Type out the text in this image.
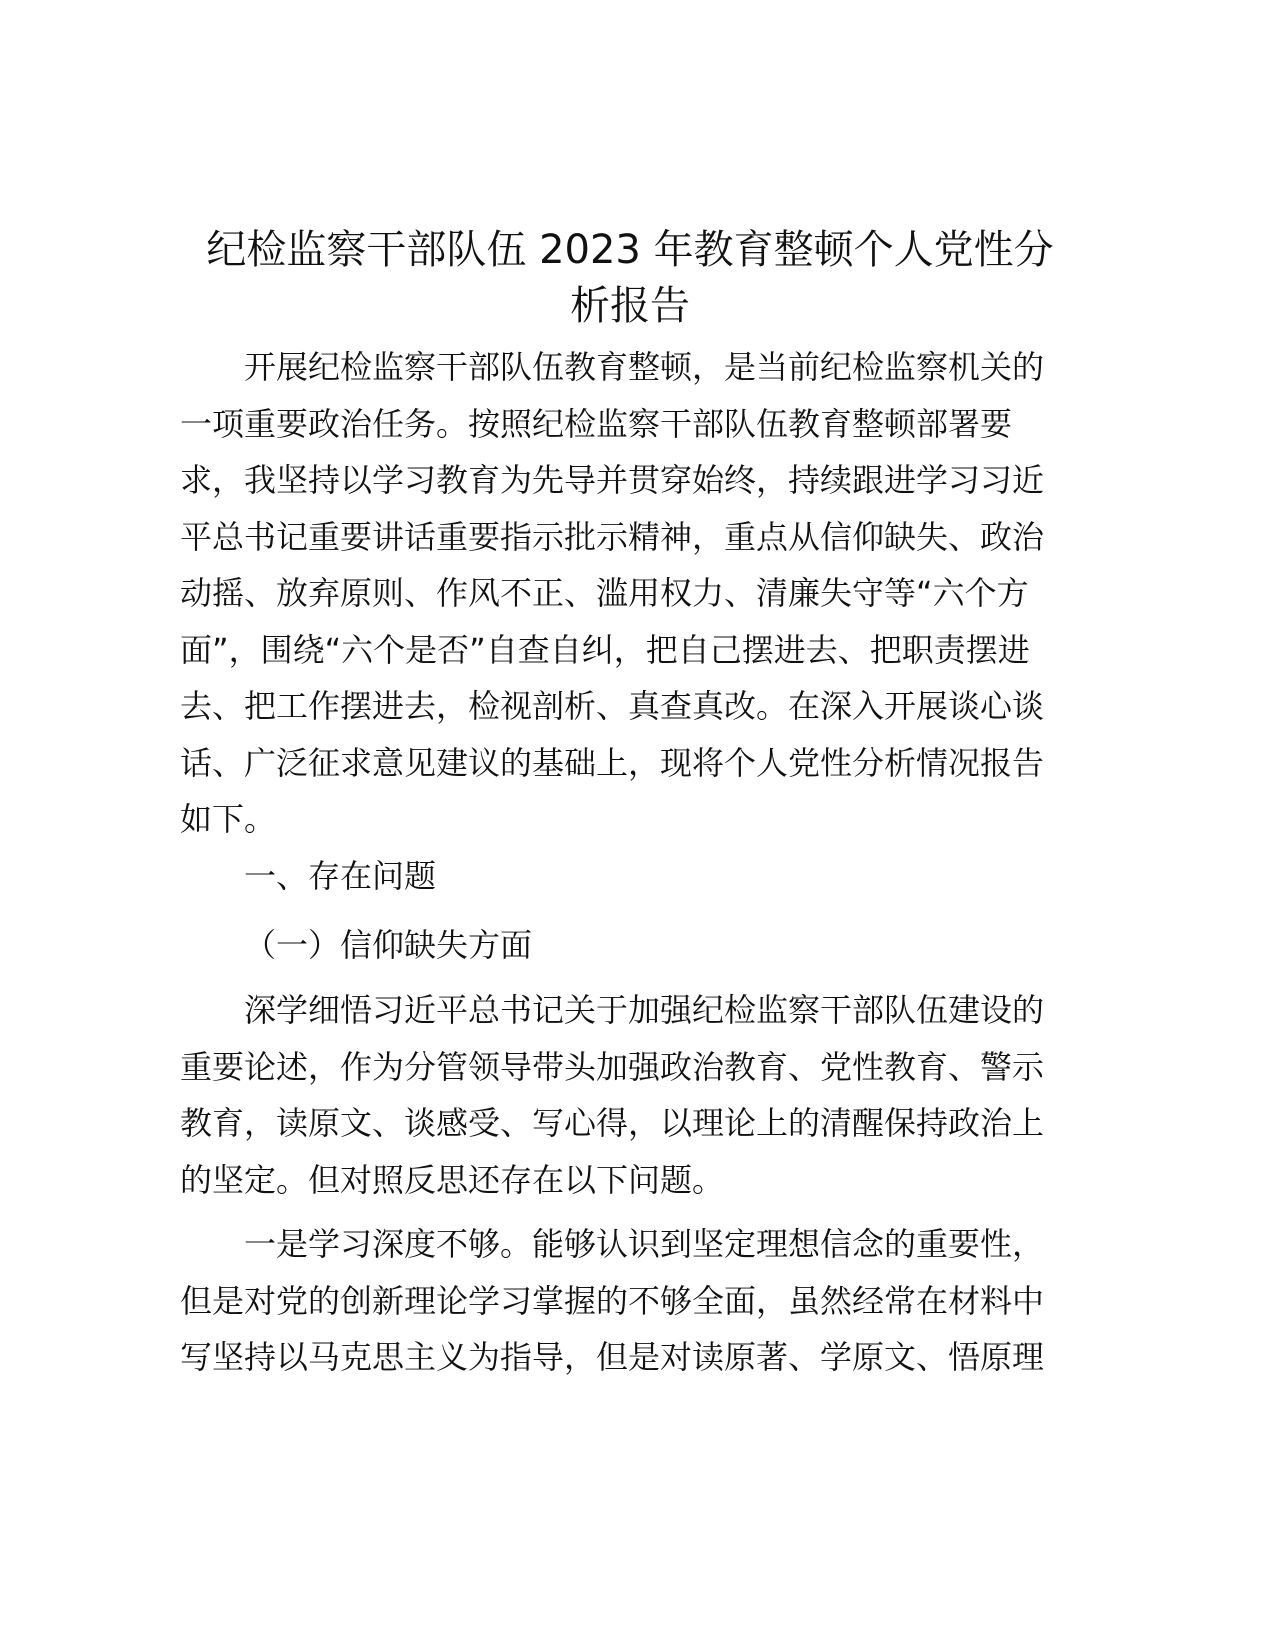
纪检监察干部队伍 2023 年教育整顿个人党性分
析报告
开展纪检监察干部队伍教育整顿，是当前纪检监察机关的
一项重要政治任务。按照纪检监察干部队伍教育整顿部署要
求，我坚持以学习教育为先导并贯穿始终，持续跟进学习习近
平总书记重要讲话重要指示批示精神，重点从信仰缺失、政治
动摇、放弃原则、作风不正、滥用权力、清廉失守等“六个方
面”，围绕“六个是否”自查自纠，把自己摆进去、把职责摆进
去、把工作摆进去，检视剖析、真查真改。在深入开展谈心谈
话、广泛征求意见建议的基础上，现将个人党性分析情况报告
如下。
一、存在问题
（一）信仰缺失方面
深学细悟习近平总书记关于加强纪检监察干部队伍建设的
重要论述，作为分管领导带头加强政治教育、党性教育、警示
教育，读原文、谈感受、写心得，以理论上的清醒保持政治上
的坚定。但对照反思还存在以下问题。
一是学习深度不够。能够认识到坚定理想信念的重要性，
但是对党的创新理论学习掌握的不够全面，虽然经常在材料中
写坚持以马克思主义为指导，但是对读原著、学原文、悟原理
